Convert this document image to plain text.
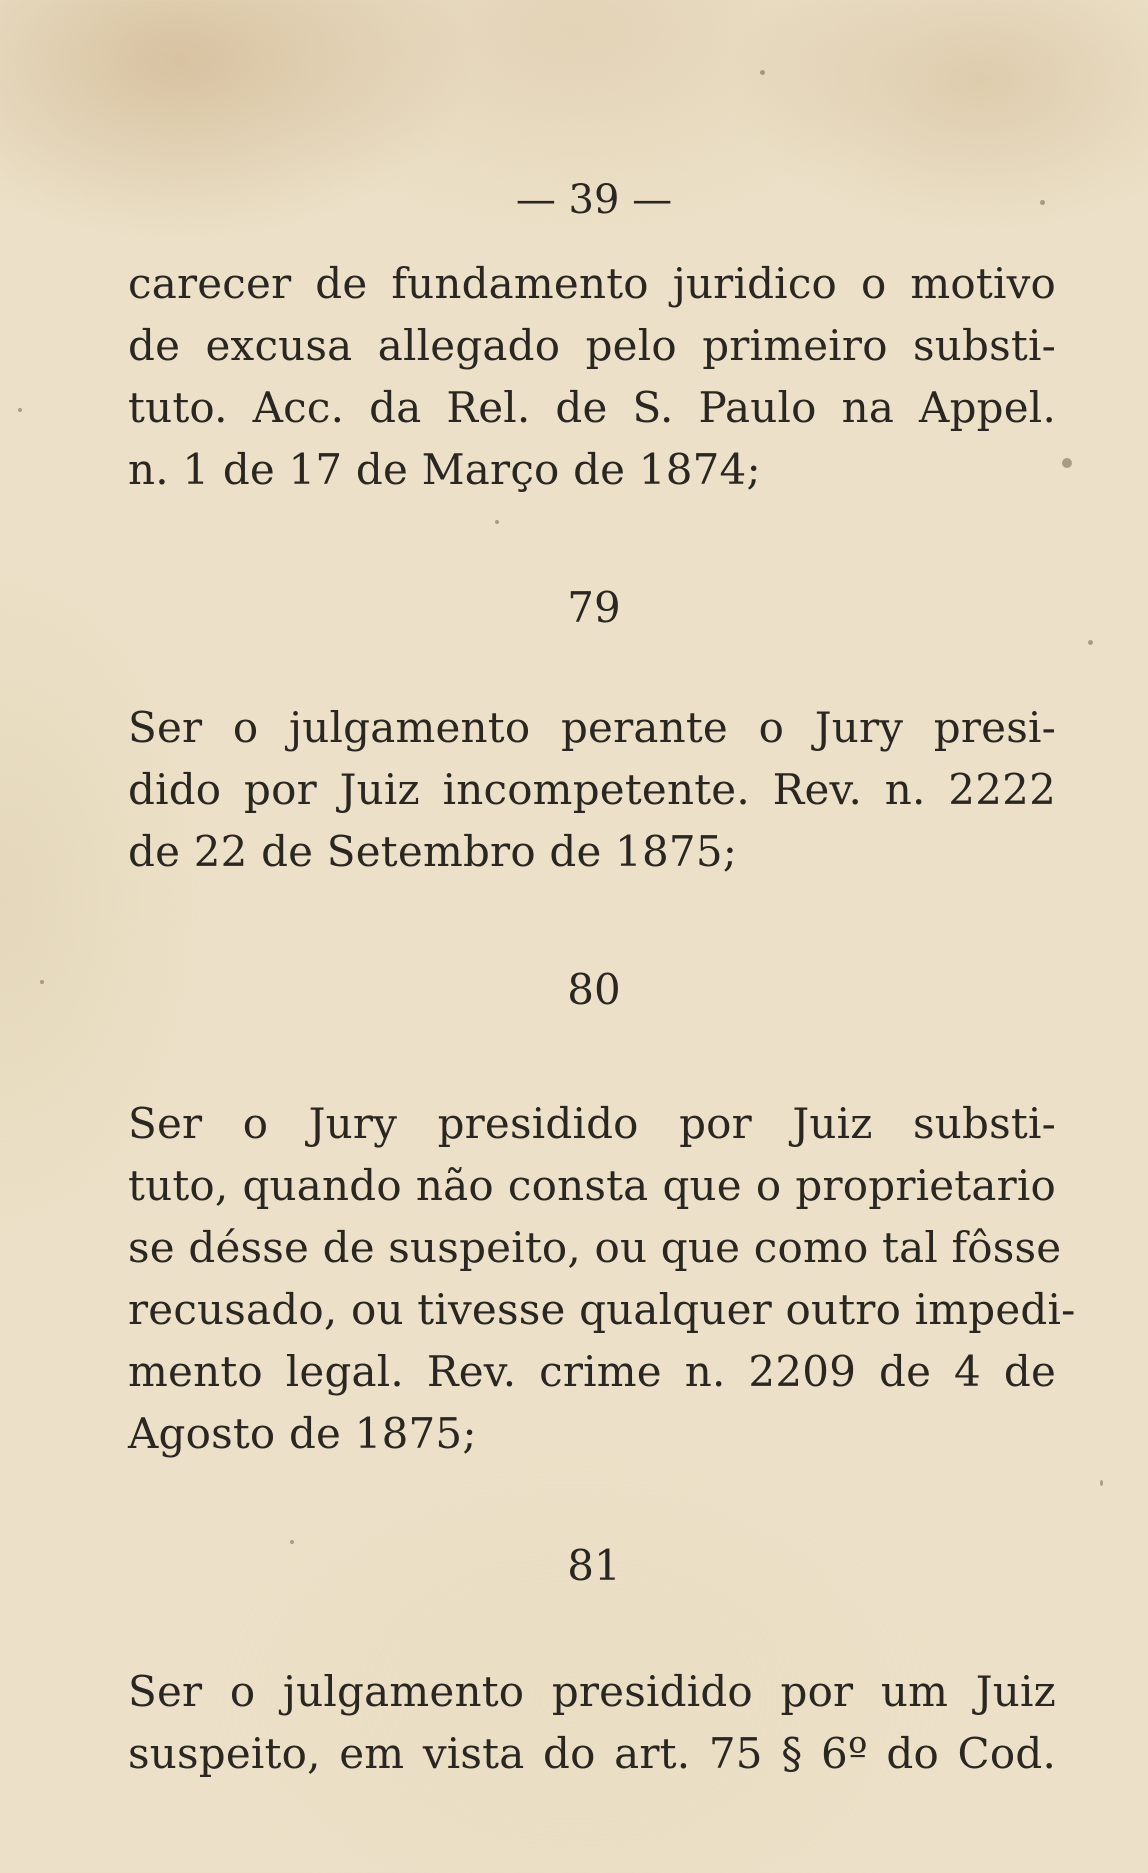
— 39 —
carecer de fundamento juridico o motivo
de excusa allegado pelo primeiro substi-
tuto. Acc. da Rel. de S. Paulo na Appel.
n. 1 de 17 de Março de 1874;
79
Ser o julgamento perante o Jury presi-
dido por Juiz incompetente. Rev. n. 2222
de 22 de Setembro de 1875;
80
Ser o Jury presidido por Juiz substi-
tuto, quando não consta que o proprietario
se désse de suspeito, ou que como tal fôsse
recusado, ou tivesse qualquer outro impedi-
mento legal. Rev. crime n. 2209 de 4 de
Agosto de 1875;
81
Ser o julgamento presidido por um Juiz
suspeito, em vista do art. 75 § 6º do Cod.
